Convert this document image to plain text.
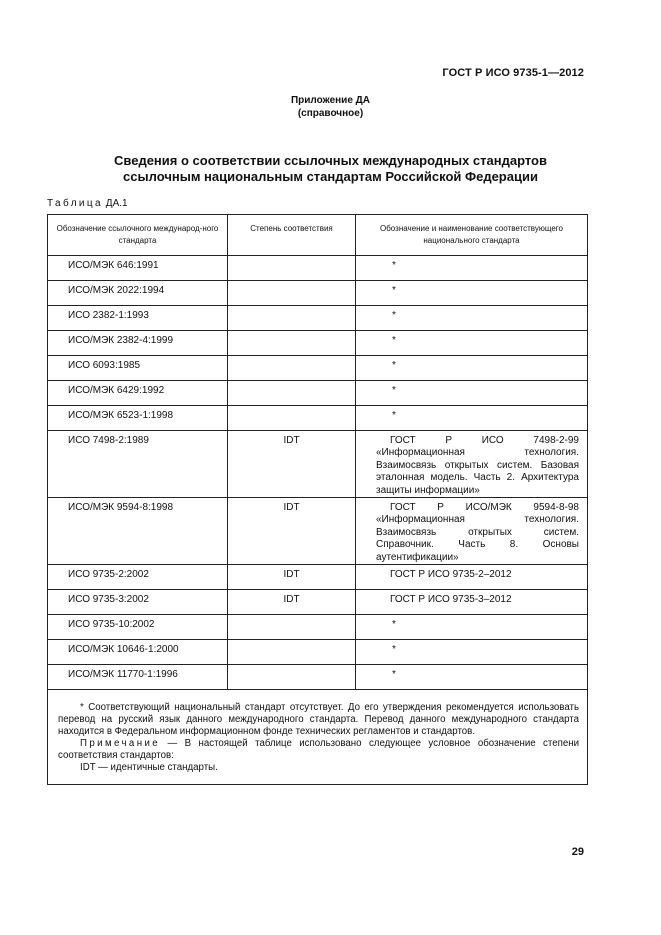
ГОСТ Р ИСО 9735-1—2012
Приложение ДА
(справочное)
Сведения о соответствии ссылочных международных стандартов
ссылочным национальным стандартам Российской Федерации
Таблица ДА.1
Обозначение ссылочного международ-ного стандарта	Степень соответствия	Обозначение и наименование соответствующего национального стандарта
ИСО/МЭК 646:1991		*
ИСО/МЭК 2022:1994		*
ИСО 2382-1:1993		*
ИСО/МЭК 2382-4:1999		*
ИСО 6093:1985		*
ИСО/МЭК 6429:1992		*
ИСО/МЭК 6523-1:1998		*
ИСО 7498-2:1989	IDT	ГОСТ Р ИСО 7498-2-99 «Информационная технология. Взаимосвязь открытых систем. Базовая эталонная модель. Часть 2. Архитектура защиты информации»

ИСО/МЭК 9594-8:1998	IDT	ГОСТ Р ИСО/МЭК 9594-8-98 «Информационная технология. Взаимосвязь открытых систем. Справочник. Часть 8. Основы аутентификации»

ИСО 9735-2:2002	IDT	ГОСТ Р ИСО 9735-2–2012

ИСО 9735-3:2002	IDT	ГОСТ Р ИСО 9735-3–2012

ИСО 9735-10:2002		*
ИСО/МЭК 10646-1:2000		*
ИСО/МЭК 11770-1:1996		*

* Соответствующий национальный стандарт отсутствует. До его утверждения рекомендуется использовать перевод на русский язык данного международного стандарта. Перевод данного международного стандарта находится в Федеральном информационном фонде технических регламентов и стандартов.

Примечание — В настоящей таблице использовано следующее условное обозначение степени соответствия стандартов:

IDT — идентичные стандарты.		

29
